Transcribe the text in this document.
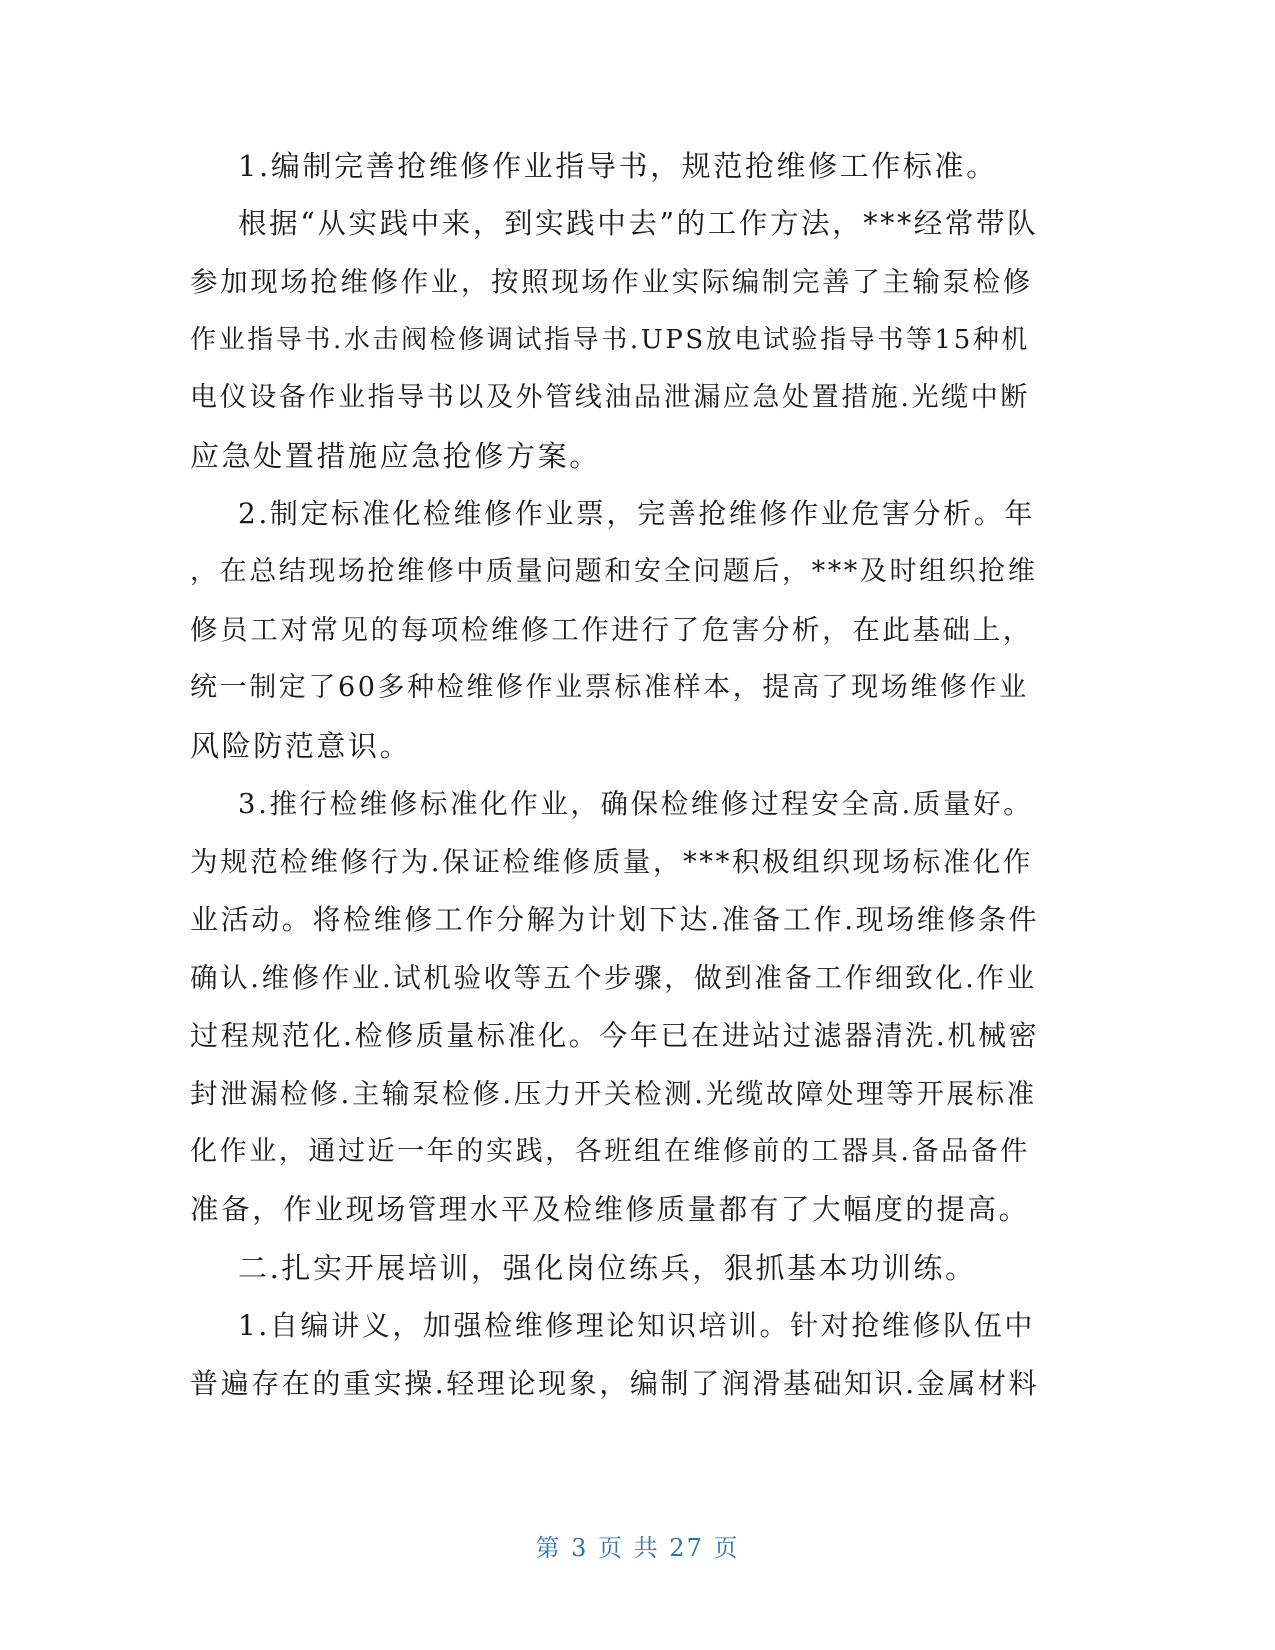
1.编制完善抢维修作业指导书，规范抢维修工作标准。
根据“从实践中来，到实践中去”的工作方法，***经常带队
参加现场抢维修作业，按照现场作业实际编制完善了主输泵检修
作业指导书.水击阀检修调试指导书.UPS放电试验指导书等15种机
电仪设备作业指导书以及外管线油品泄漏应急处置措施.光缆中断
应急处置措施应急抢修方案。
2.制定标准化检维修作业票，完善抢维修作业危害分析。年
，在总结现场抢维修中质量问题和安全问题后，***及时组织抢维
修员工对常见的每项检维修工作进行了危害分析，在此基础上，
统一制定了60多种检维修作业票标准样本，提高了现场维修作业
风险防范意识。
3.推行检维修标准化作业，确保检维修过程安全高.质量好。
为规范检维修行为.保证检维修质量，***积极组织现场标准化作
业活动。将检维修工作分解为计划下达.准备工作.现场维修条件
确认.维修作业.试机验收等五个步骤，做到准备工作细致化.作业
过程规范化.检修质量标准化。今年已在进站过滤器清洗.机械密
封泄漏检修.主输泵检修.压力开关检测.光缆故障处理等开展标准
化作业，通过近一年的实践，各班组在维修前的工器具.备品备件
准备，作业现场管理水平及检维修质量都有了大幅度的提高。
二.扎实开展培训，强化岗位练兵，狠抓基本功训练。
1.自编讲义，加强检维修理论知识培训。针对抢维修队伍中
普遍存在的重实操.轻理论现象，编制了润滑基础知识.金属材料
第 3 页 共 27 页
